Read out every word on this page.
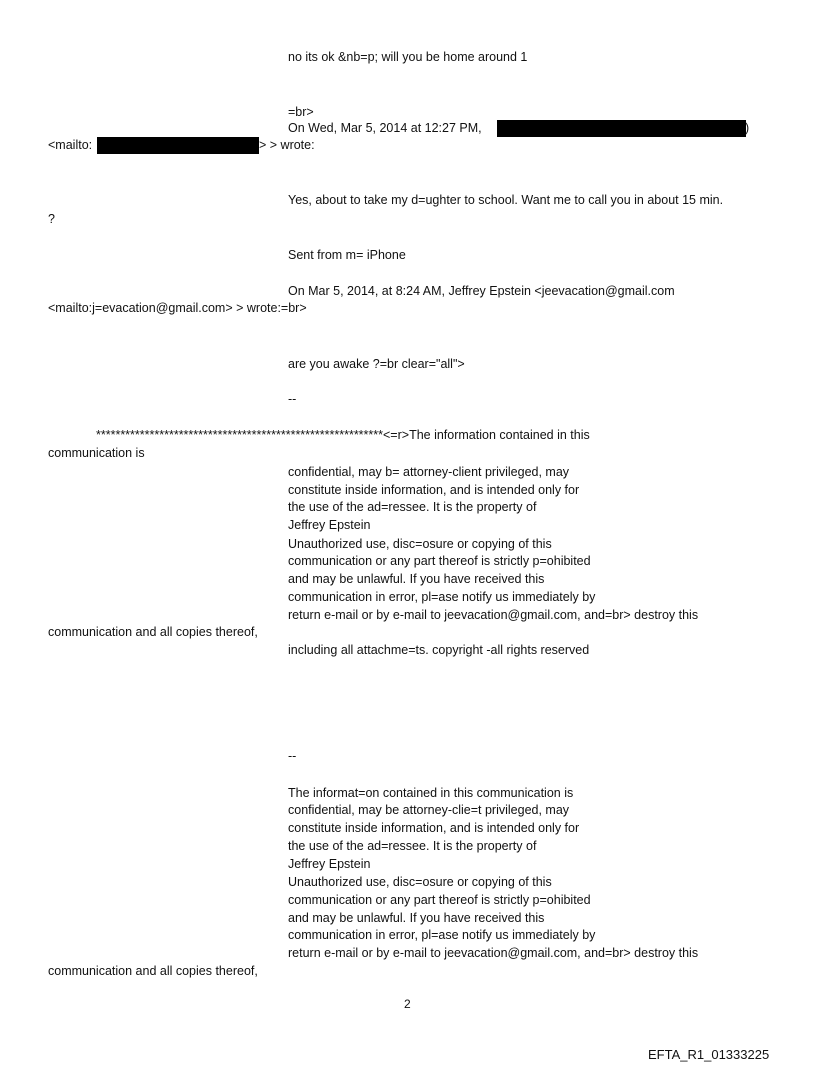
no its ok &nb=p; will you be home around 1
=br>
On Wed, Mar 5, 2014 at 12:27 PM,	)
<mailto:	> > wrote:
Yes, about to take my d=ughter to school. Want me to call you in about 15 min.
?
Sent from m= iPhone
On Mar 5, 2014, at 8:24 AM, Jeffrey Epstein <jeevacation@gmail.com
<mailto:j=evacation@gmail.com> > wrote:=br>
are you awake ?=br clear="all">
--
***********************************************************<=r>The information contained in this
communication is
confidential, may b= attorney-client privileged, may
constitute inside information, and is intended only for
the use of the ad=ressee. It is the property of
Jeffrey Epstein
Unauthorized use, disc=osure or copying of this
communication or any part thereof is strictly p=ohibited
and may be unlawful. If you have received this
communication in error, pl=ase notify us immediately by
return e-mail or by e-mail to jeevacation@gmail.com, and=br> destroy this
communication and all copies thereof,
including all attachme=ts. copyright -all rights reserved
--
The informat=on contained in this communication is
confidential, may be attorney-clie=t privileged, may
constitute inside information, and is intended only for
the use of the ad=ressee. It is the property of
Jeffrey Epstein
Unauthorized use, disc=osure or copying of this
communication or any part thereof is strictly p=ohibited
and may be unlawful. If you have received this
communication in error, pl=ase notify us immediately by
return e-mail or by e-mail to jeevacation@gmail.com, and=br> destroy this
communication and all copies thereof,
2
EFTA_R1_01333225
